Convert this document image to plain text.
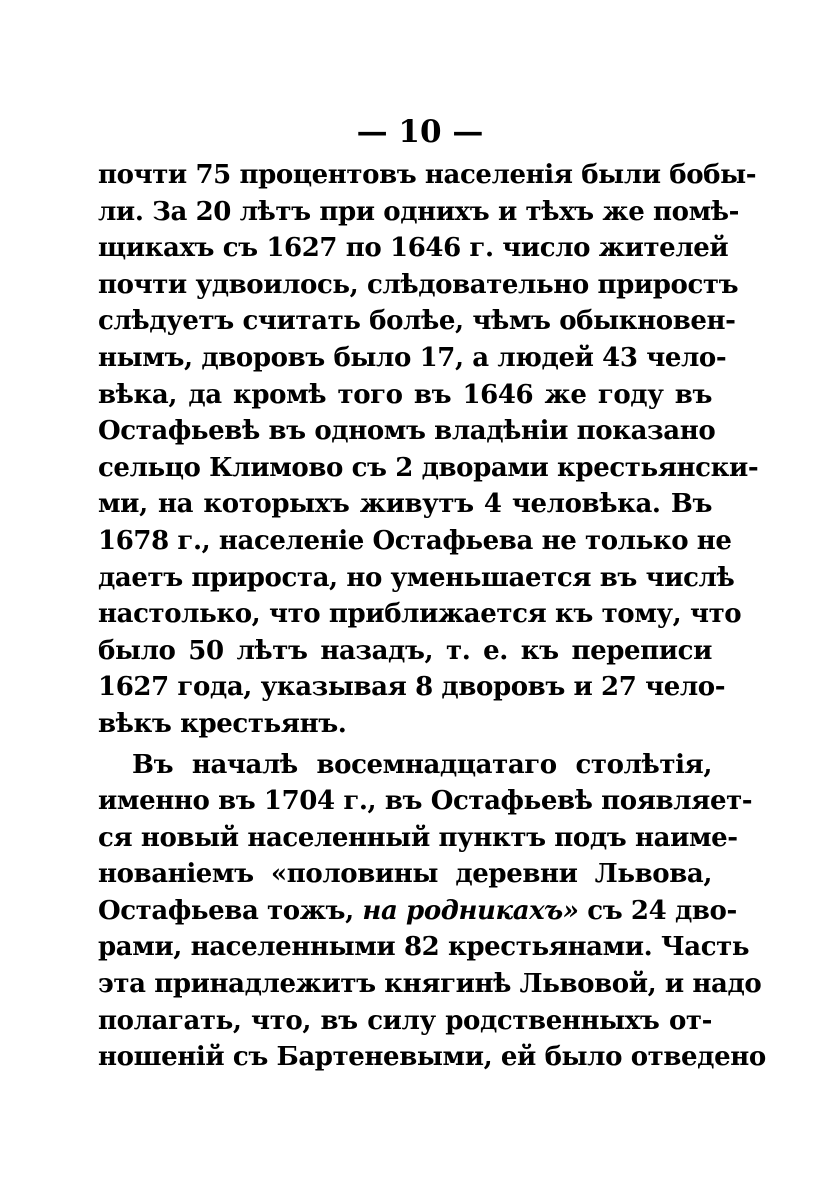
— 10 —
почти 75 процентовъ населенія были бобы-
ли. За 20 лѣтъ при однихъ и тѣхъ же помѣ-
щикахъ съ 1627 по 1646 г. число жителей
почти удвоилось, слѣдовательно приростъ
слѣдуетъ считать болѣе, чѣмъ обыкновен-
нымъ, дворовъ было 17, а людей 43 чело-
вѣка, да кромѣ того въ 1646 же году въ
Остафьевѣ въ одномъ владѣніи показано
сельцо Климово съ 2 дворами крестьянски-
ми, на которыхъ живутъ 4 человѣка. Въ
1678 г., населеніе Остафьева не только не
даетъ прироста, но уменьшается въ числѣ
настолько, что приближается къ тому, что
было 50 лѣтъ назадъ, т. е. къ переписи
1627 года, указывая 8 дворовъ и 27 чело-
вѣкъ крестьянъ.
Въ началѣ восемнадцатаго столѣтія,
именно въ 1704 г., въ Остафьевѣ появляет-
ся новый населенный пунктъ подъ наиме-
нованіемъ «половины деревни Львова,
Остафьева тожъ, на родникахъ» съ 24 дво-
рами, населенными 82 крестьянами. Часть
эта принадлежитъ княгинѣ Львовой, и надо
полагать, что, въ силу родственныхъ от-
ношеній съ Бартеневыми, ей было отведено
